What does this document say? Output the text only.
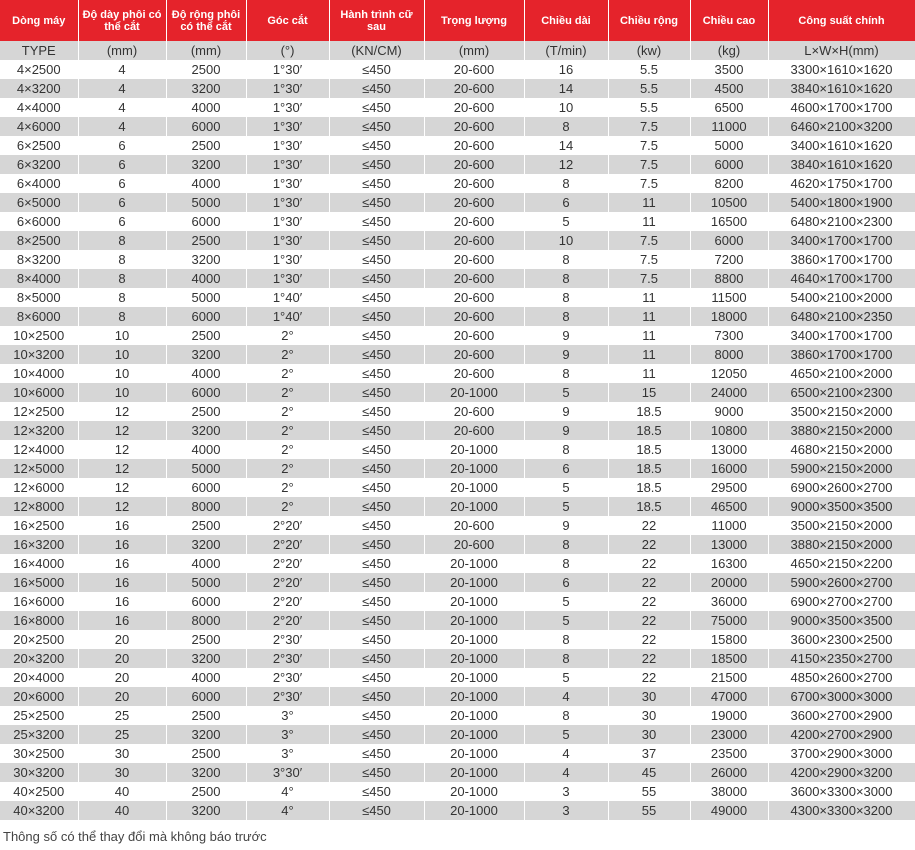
Dòng máy	Độ dày phôi có thể cắt	Độ rộng phôi có thể cắt	Góc cắt	Hành trình cữ sau	Trọng lượng	Chiều dài	Chiều rộng	Chiều cao	Công suất chính
TYPE	(mm)	(mm)	(°)	(KN/CM)	(mm)	(T/min)	(kw)	(kg)	L×W×H(mm)
4×2500	4	2500	1°30′	≤450	20-600	16	5.5	3500	3300×1610×1620
4×3200	4	3200	1°30′	≤450	20-600	14	5.5	4500	3840×1610×1620
4×4000	4	4000	1°30′	≤450	20-600	10	5.5	6500	4600×1700×1700
4×6000	4	6000	1°30′	≤450	20-600	8	7.5	11000	6460×2100×3200
6×2500	6	2500	1°30′	≤450	20-600	14	7.5	5000	3400×1610×1620
6×3200	6	3200	1°30′	≤450	20-600	12	7.5	6000	3840×1610×1620
6×4000	6	4000	1°30′	≤450	20-600	8	7.5	8200	4620×1750×1700
6×5000	6	5000	1°30′	≤450	20-600	6	11	10500	5400×1800×1900
6×6000	6	6000	1°30′	≤450	20-600	5	11	16500	6480×2100×2300
8×2500	8	2500	1°30′	≤450	20-600	10	7.5	6000	3400×1700×1700
8×3200	8	3200	1°30′	≤450	20-600	8	7.5	7200	3860×1700×1700
8×4000	8	4000	1°30′	≤450	20-600	8	7.5	8800	4640×1700×1700
8×5000	8	5000	1°40′	≤450	20-600	8	11	11500	5400×2100×2000
8×6000	8	6000	1°40′	≤450	20-600	8	11	18000	6480×2100×2350
10×2500	10	2500	2°	≤450	20-600	9	11	7300	3400×1700×1700
10×3200	10	3200	2°	≤450	20-600	9	11	8000	3860×1700×1700
10×4000	10	4000	2°	≤450	20-600	8	11	12050	4650×2100×2000
10×6000	10	6000	2°	≤450	20-1000	5	15	24000	6500×2100×2300
12×2500	12	2500	2°	≤450	20-600	9	18.5	9000	3500×2150×2000
12×3200	12	3200	2°	≤450	20-600	9	18.5	10800	3880×2150×2000
12×4000	12	4000	2°	≤450	20-1000	8	18.5	13000	4680×2150×2000
12×5000	12	5000	2°	≤450	20-1000	6	18.5	16000	5900×2150×2000
12×6000	12	6000	2°	≤450	20-1000	5	18.5	29500	6900×2600×2700
12×8000	12	8000	2°	≤450	20-1000	5	18.5	46500	9000×3500×3500
16×2500	16	2500	2°20′	≤450	20-600	9	22	11000	3500×2150×2000
16×3200	16	3200	2°20′	≤450	20-600	8	22	13000	3880×2150×2000
16×4000	16	4000	2°20′	≤450	20-1000	8	22	16300	4650×2150×2200
16×5000	16	5000	2°20′	≤450	20-1000	6	22	20000	5900×2600×2700
16×6000	16	6000	2°20′	≤450	20-1000	5	22	36000	6900×2700×2700
16×8000	16	8000	2°20′	≤450	20-1000	5	22	75000	9000×3500×3500
20×2500	20	2500	2°30′	≤450	20-1000	8	22	15800	3600×2300×2500
20×3200	20	3200	2°30′	≤450	20-1000	8	22	18500	4150×2350×2700
20×4000	20	4000	2°30′	≤450	20-1000	5	22	21500	4850×2600×2700
20×6000	20	6000	2°30′	≤450	20-1000	4	30	47000	6700×3000×3000
25×2500	25	2500	3°	≤450	20-1000	8	30	19000	3600×2700×2900
25×3200	25	3200	3°	≤450	20-1000	5	30	23000	4200×2700×2900
30×2500	30	2500	3°	≤450	20-1000	4	37	23500	3700×2900×3000
30×3200	30	3200	3°30′	≤450	20-1000	4	45	26000	4200×2900×3200
40×2500	40	2500	4°	≤450	20-1000	3	55	38000	3600×3300×3000
40×3200	40	3200	4°	≤450	20-1000	3	55	49000	4300×3300×3200
Thông số có thể thay đổi mà không báo trước
